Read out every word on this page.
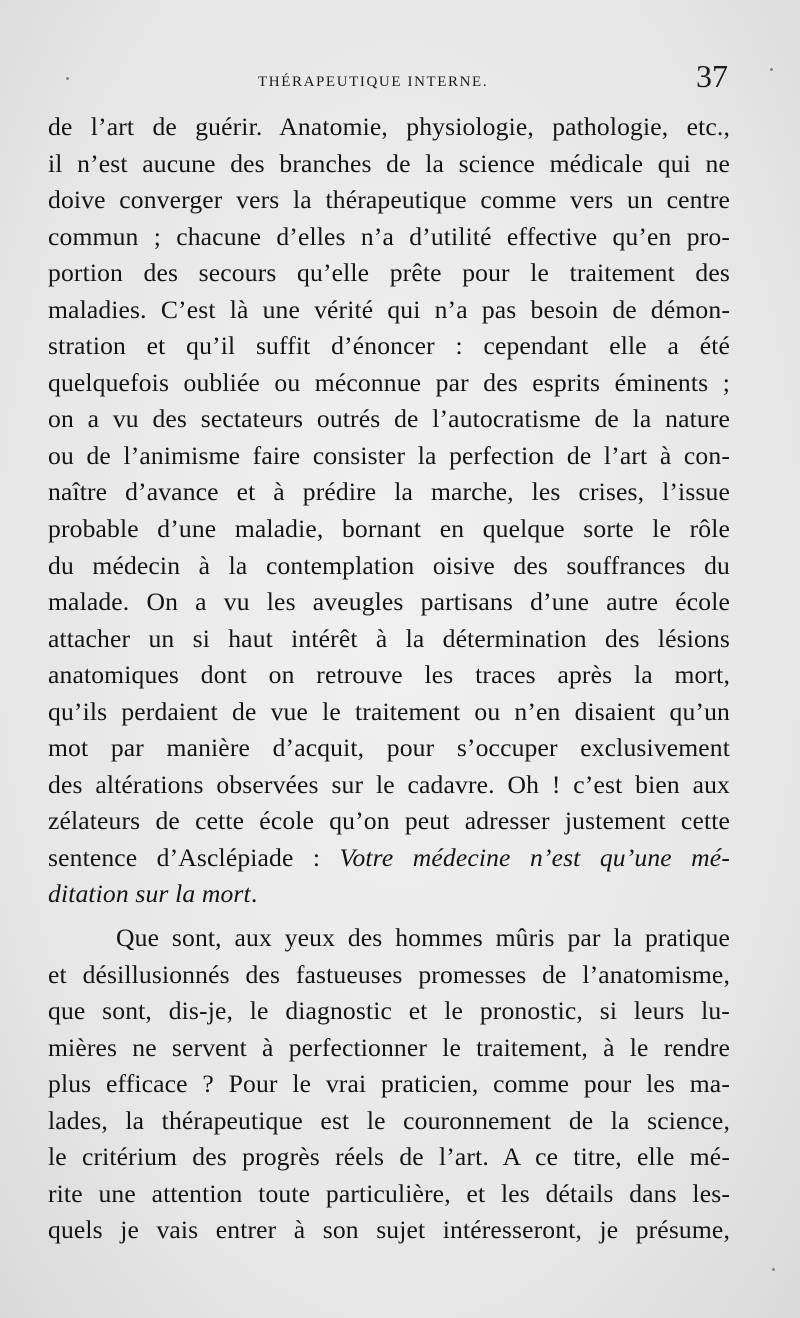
THÉRAPEUTIQUE INTERNE.	37

de l’art de guérir. Anatomie, physiologie, pathologie, etc.,
il n’est aucune des branches de la science médicale qui ne
doive converger vers la thérapeutique comme vers un centre
commun ; chacune d’elles n’a d’utilité effective qu’en pro-
portion des secours qu’elle prête pour le traitement des
maladies. C’est là une vérité qui n’a pas besoin de démon-
stration et qu’il suffit d’énoncer : cependant elle a été
quelquefois oubliée ou méconnue par des esprits éminents ;
on a vu des sectateurs outrés de l’autocratisme de la nature
ou de l’animisme faire consister la perfection de l’art à con-
naître d’avance et à prédire la marche, les crises, l’issue
probable d’une maladie, bornant en quelque sorte le rôle
du médecin à la contemplation oisive des souffrances du
malade. On a vu les aveugles partisans d’une autre école
attacher un si haut intérêt à la détermination des lésions
anatomiques dont on retrouve les traces après la mort,
qu’ils perdaient de vue le traitement ou n’en disaient qu’un
mot par manière d’acquit, pour s’occuper exclusivement
des altérations observées sur le cadavre. Oh ! c’est bien aux
zélateurs de cette école qu’on peut adresser justement cette
sentence d’Asclépiade : Votre médecine n’est qu’une mé-
ditation sur la mort.

Que sont, aux yeux des hommes mûris par la pratique
et désillusionnés des fastueuses promesses de l’anatomisme,
que sont, dis-je, le diagnostic et le pronostic, si leurs lu-
mières ne servent à perfectionner le traitement, à le rendre
plus efficace ? Pour le vrai praticien, comme pour les ma-
lades, la thérapeutique est le couronnement de la science,
le critérium des progrès réels de l’art. A ce titre, elle mé-
rite une attention toute particulière, et les détails dans les-
quels je vais entrer à son sujet intéresseront, je présume,
